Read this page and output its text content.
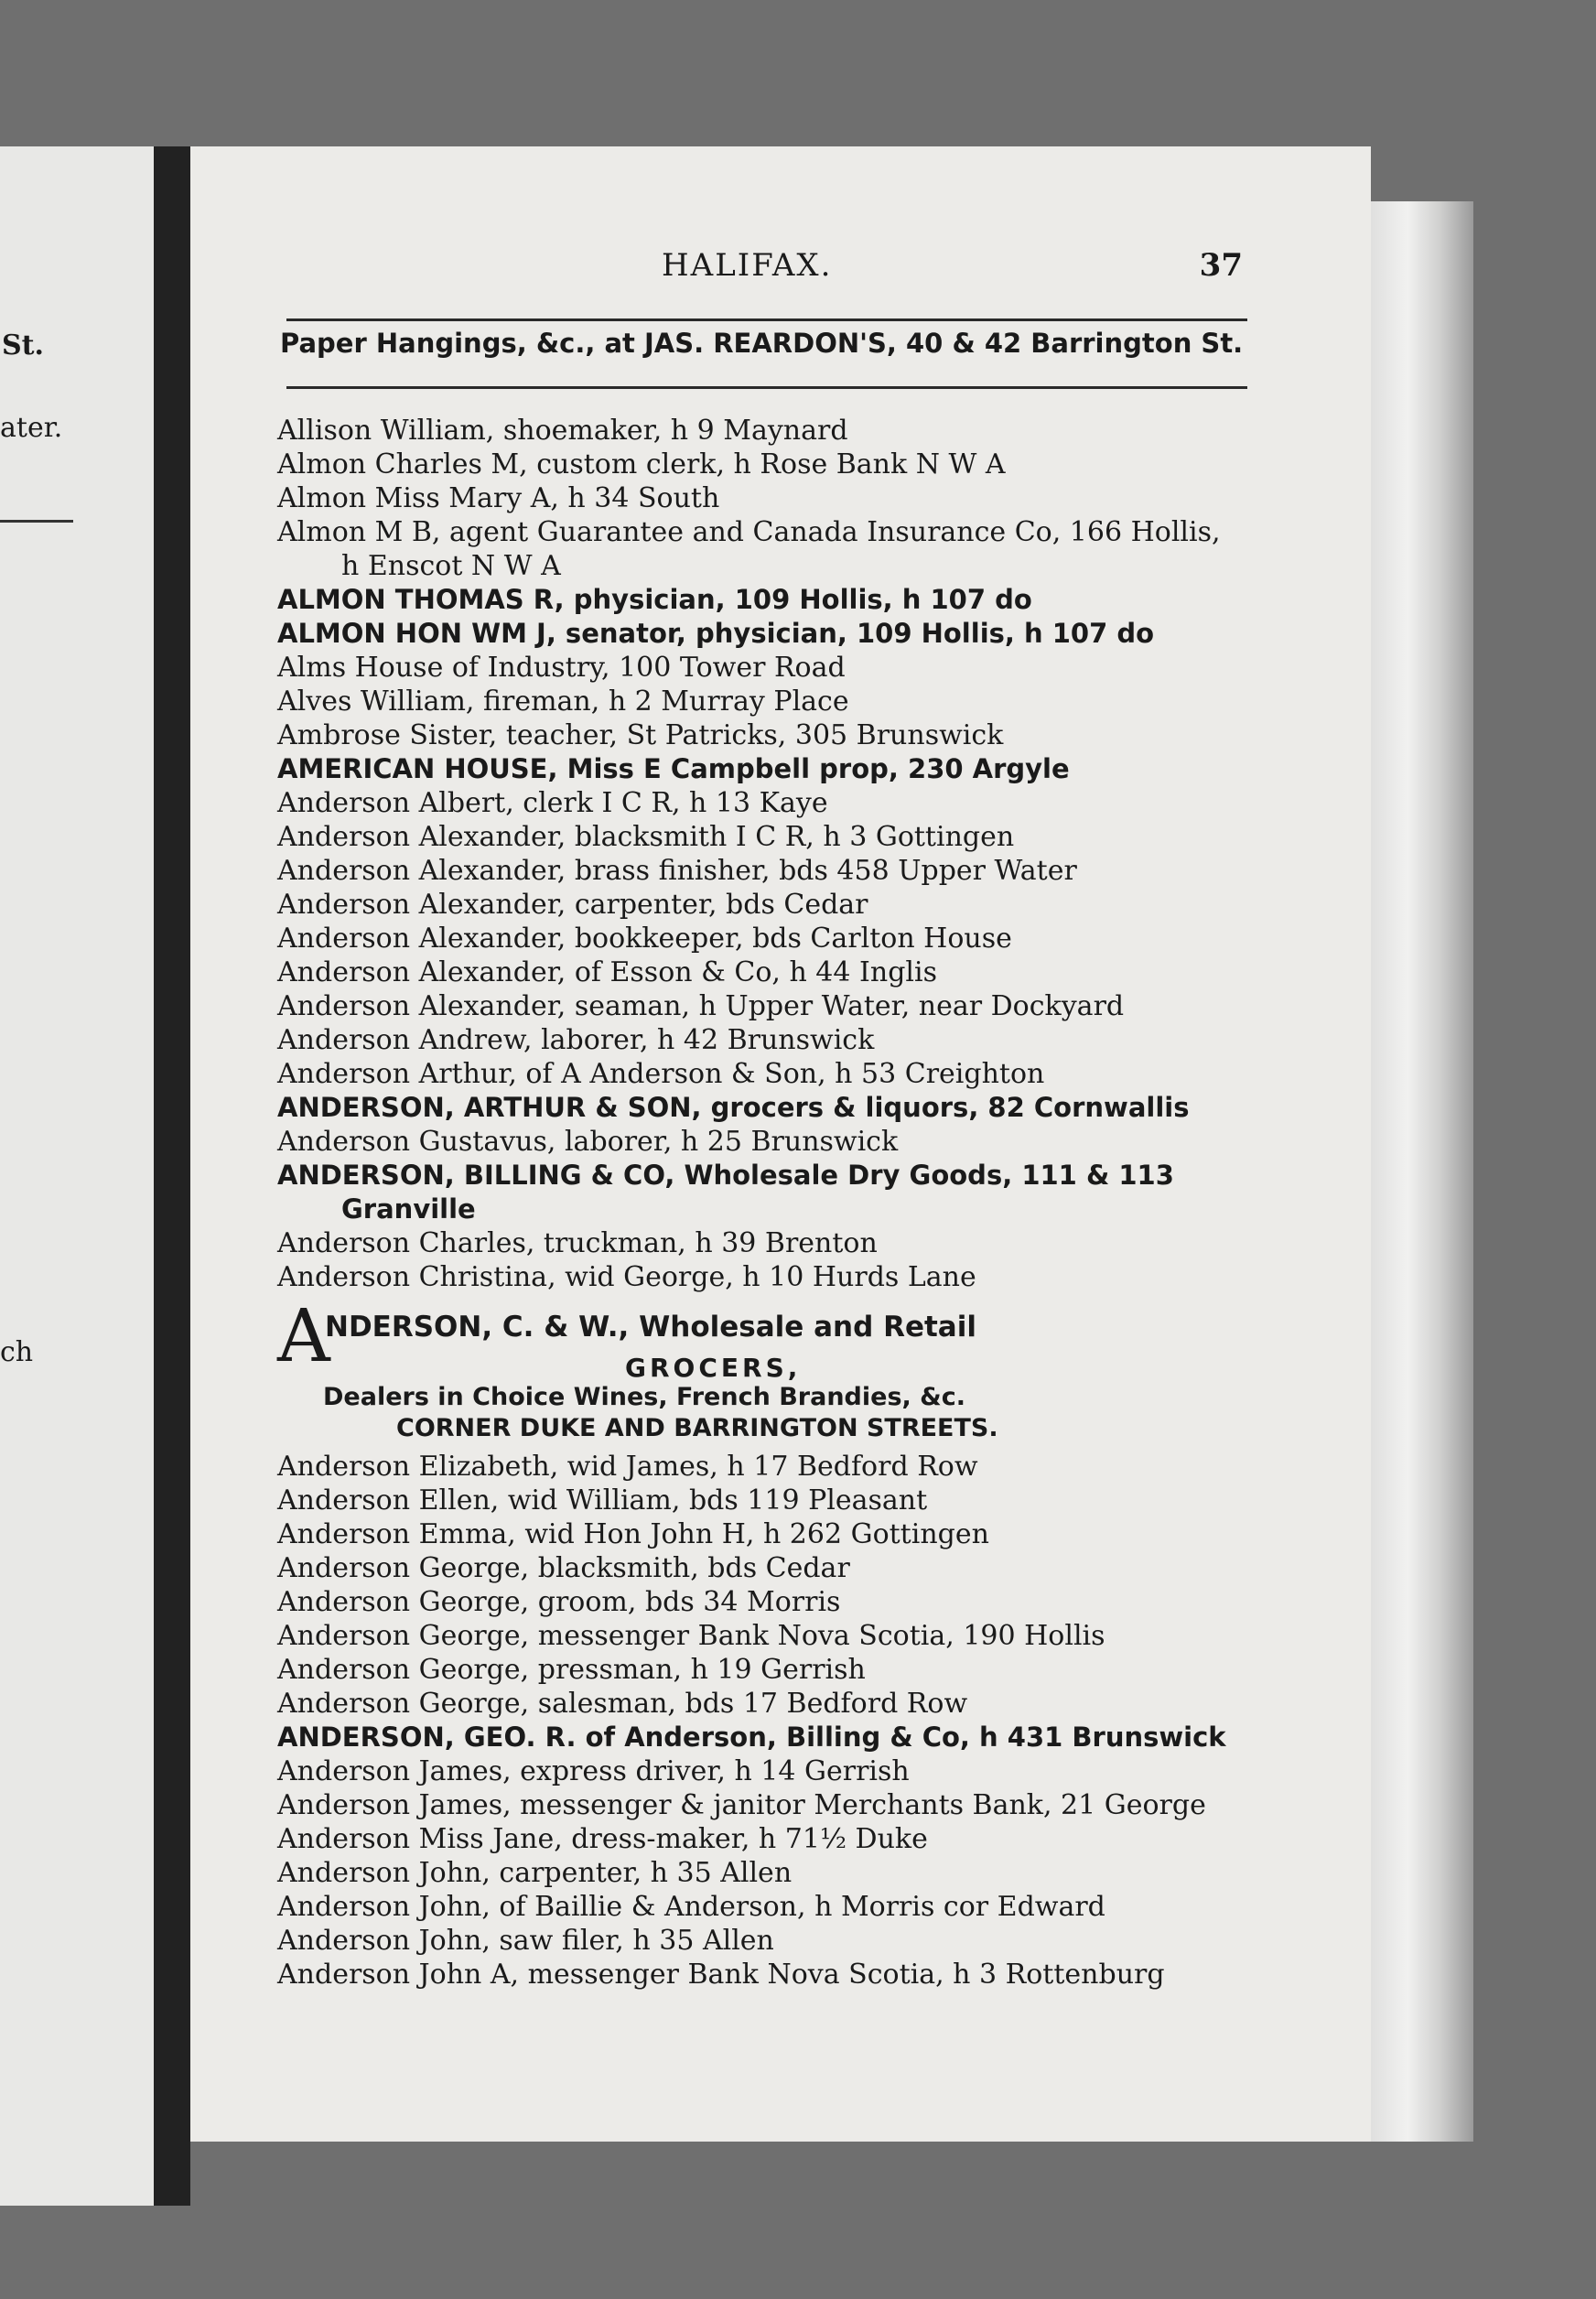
St.
ater.
ch
HALIFAX.	37
Paper Hangings, &c., at JAS. REARDON'S, 40 & 42 Barrington St.
Allison William, shoemaker, h 9 Maynard
Almon Charles M, custom clerk, h Rose Bank N W A
Almon Miss Mary A, h 34 South
Almon M B, agent Guarantee and Canada Insurance Co, 166 Hollis,
h Enscot N W A
ALMON THOMAS R, physician, 109 Hollis, h 107 do
ALMON HON WM J, senator, physician, 109 Hollis, h 107 do
Alms House of Industry, 100 Tower Road
Alves William, fireman, h 2 Murray Place
Ambrose Sister, teacher, St Patricks, 305 Brunswick
AMERICAN HOUSE, Miss E Campbell prop, 230 Argyle
Anderson Albert, clerk I C R, h 13 Kaye
Anderson Alexander, blacksmith I C R, h 3 Gottingen
Anderson Alexander, brass finisher, bds 458 Upper Water
Anderson Alexander, carpenter, bds Cedar
Anderson Alexander, bookkeeper, bds Carlton House
Anderson Alexander, of Esson & Co, h 44 Inglis
Anderson Alexander, seaman, h Upper Water, near Dockyard
Anderson Andrew, laborer, h 42 Brunswick
Anderson Arthur, of A Anderson & Son, h 53 Creighton
ANDERSON, ARTHUR & SON, grocers & liquors, 82 Cornwallis
Anderson Gustavus, laborer, h 25 Brunswick
ANDERSON, BILLING & CO, Wholesale Dry Goods, 111 & 113
Granville
Anderson Charles, truckman, h 39 Brenton
Anderson Christina, wid George, h 10 Hurds Lane
A
NDERSON, C. & W., Wholesale and Retail
GROCERS,
Dealers in Choice Wines, French Brandies, &c.
CORNER DUKE AND BARRINGTON STREETS.
Anderson Elizabeth, wid James, h 17 Bedford Row
Anderson Ellen, wid William, bds 119 Pleasant
Anderson Emma, wid Hon John H, h 262 Gottingen
Anderson George, blacksmith, bds Cedar
Anderson George, groom, bds 34 Morris
Anderson George, messenger Bank Nova Scotia, 190 Hollis
Anderson George, pressman, h 19 Gerrish
Anderson George, salesman, bds 17 Bedford Row
ANDERSON, GEO. R. of Anderson, Billing & Co, h 431 Brunswick
Anderson James, express driver, h 14 Gerrish
Anderson James, messenger & janitor Merchants Bank, 21 George
Anderson Miss Jane, dress-maker, h 71½ Duke
Anderson John, carpenter, h 35 Allen
Anderson John, of Baillie & Anderson, h Morris cor Edward
Anderson John, saw filer, h 35 Allen
Anderson John A, messenger Bank Nova Scotia, h 3 Rottenburg
